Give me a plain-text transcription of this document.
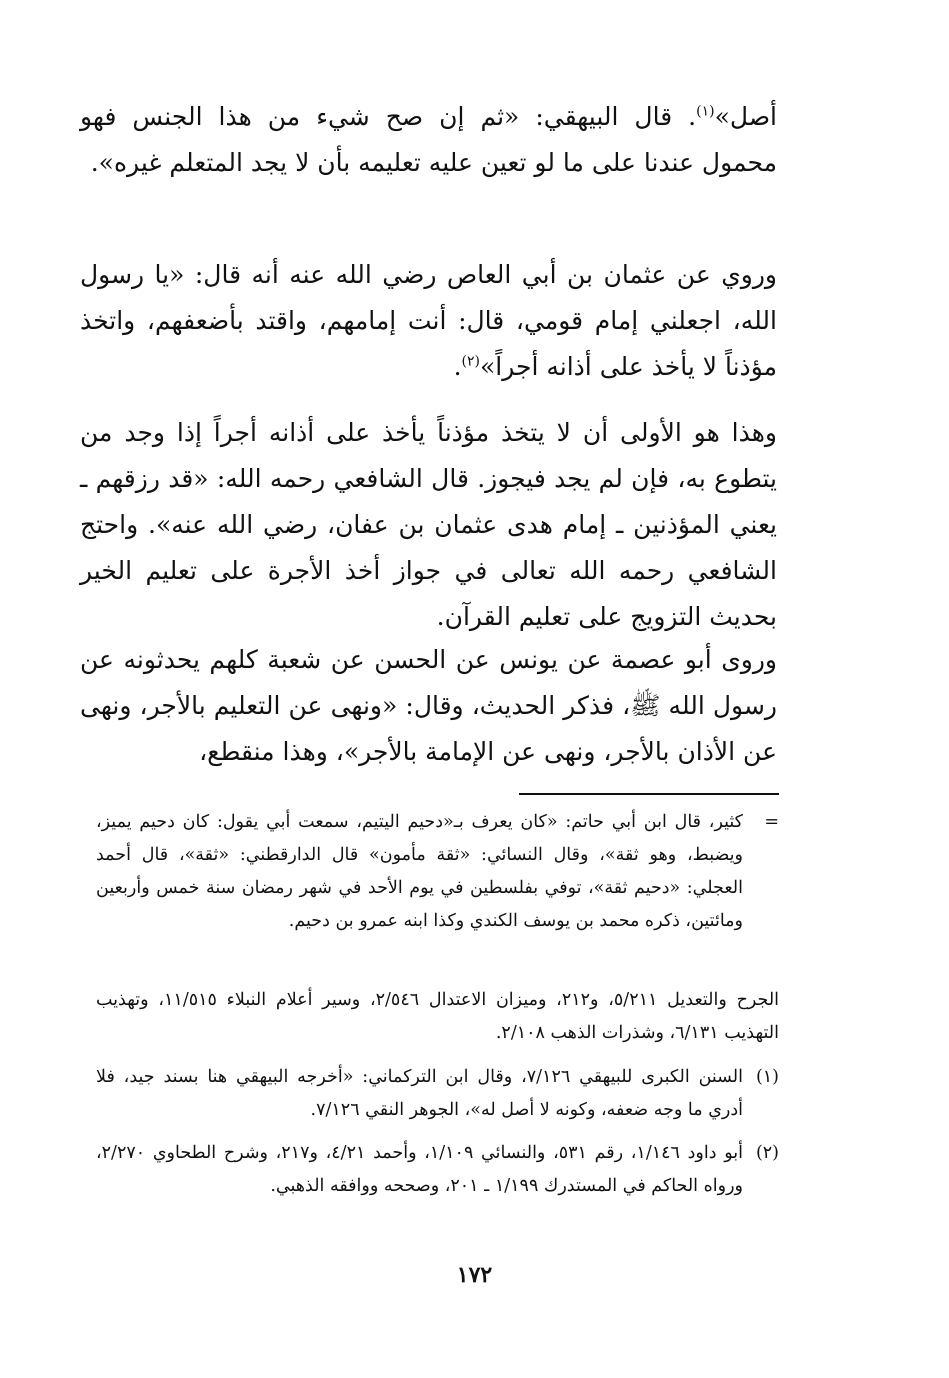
أصل»$^{(١)}$. قال البيهقي: «ثم إن صح شيء من هذا الجنس فهو محمول عندنا على ما لو تعين عليه تعليمه بأن لا يجد المتعلم غيره».

وروي عن عثمان بن أبي العاص رضي الله عنه أنه قال: «يا رسول الله، اجعلني إمام قومي، قال: أنت إمامهم، واقتد بأضعفهم، واتخذ مؤذناً لا يأخذ على أذانه أجراً»$^{(٢)}$.

وهذا هو الأولى أن لا يتخذ مؤذناً يأخذ على أذانه أجراً إذا وجد من يتطوع به، فإن لم يجد فيجوز. قال الشافعي رحمه الله: «قد رزقهم ـ يعني المؤذنين ـ إمام هدى عثمان بن عفان، رضي الله عنه». واحتج الشافعي رحمه الله تعالى في جواز أخذ الأجرة على تعليم الخير بحديث التزويج على تعليم القرآن.

وروى أبو عصمة عن يونس عن الحسن عن شعبة كلهم يحدثونه عن رسول الله ﷺ، فذكر الحديث، وقال: «ونهى عن التعليم بالأجر، ونهى عن الأذان بالأجر، ونهى عن الإمامة بالأجر»، وهذا منقطع،

=
كثير، قال ابن أبي حاتم: «كان يعرف بـ«دحيم اليتيم، سمعت أبي يقول: كان دحيم يميز، ويضبط، وهو ثقة»، وقال النسائي: «ثقة مأمون» قال الدارقطني: «ثقة»، قال أحمد العجلي: «دحيم ثقة»، توفي بفلسطين في يوم الأحد في شهر رمضان سنة خمس وأربعين ومائتين، ذكره محمد بن يوسف الكندي وكذا ابنه عمرو بن دحيم.

الجرح والتعديل ٥/٢١١، و٢١٢، وميزان الاعتدال ٢/٥٤٦، وسير أعلام النبلاء ١١/٥١٥، وتهذيب التهذيب ٦/١٣١، وشذرات الذهب ٢/١٠٨.

(١)
السنن الكبرى للبيهقي ٧/١٢٦، وقال ابن التركماني: «أخرجه البيهقي هنا بسند جيد، فلا أدري ما وجه ضعفه، وكونه لا أصل له»، الجوهر النقي ٧/١٢٦.

(٢)
أبو داود ١/١٤٦، رقم ٥٣١، والنسائي ١/١٠٩، وأحمد ٤/٢١، و٢١٧، وشرح الطحاوي ٢/٢٧٠، ورواه الحاكم في المستدرك ١/١٩٩ ـ ٢٠١، وصححه ووافقه الذهبي.

١٧٢
